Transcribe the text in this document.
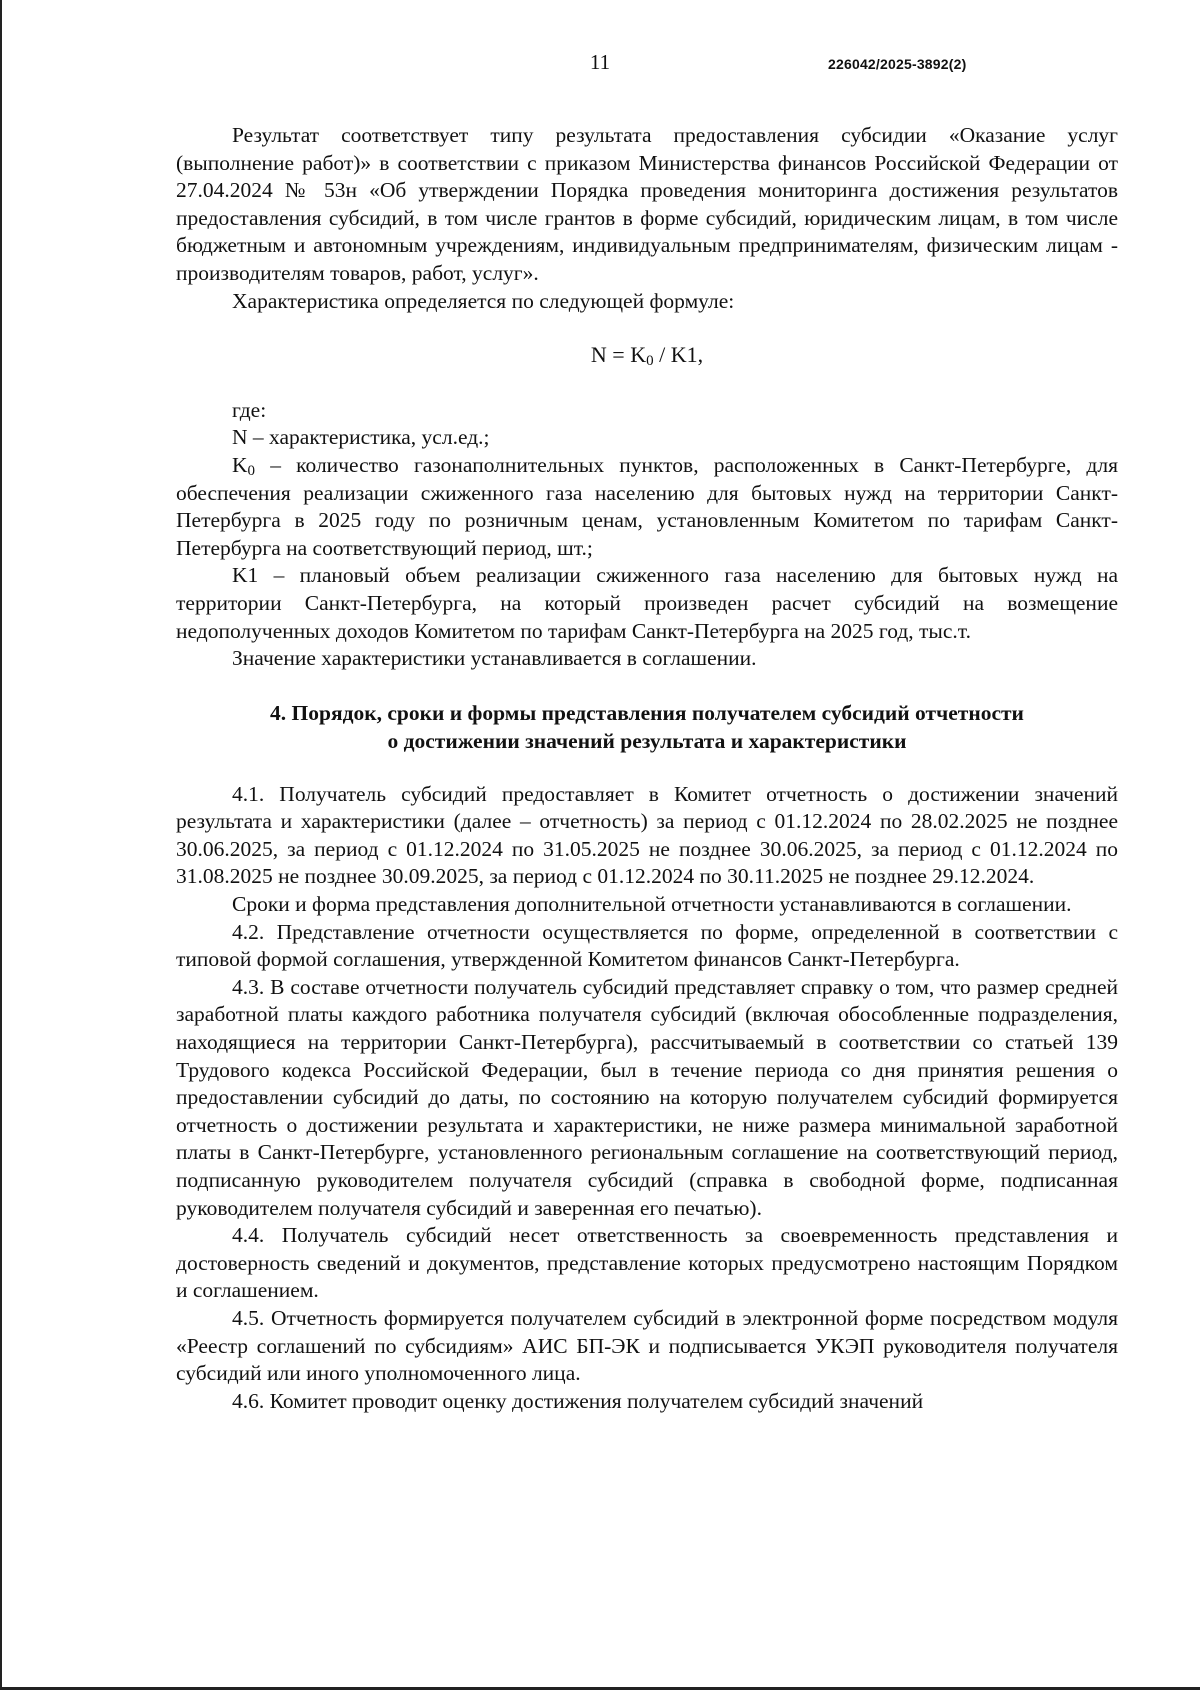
11	226042/2025-3892(2)

Результат соответствует типу результата предоставления субсидии «Оказание услуг (выполнение работ)» в соответствии с приказом Министерства финансов Российской Федерации от 27.04.2024 № 53н «Об утверждении Порядка проведения мониторинга достижения результатов предоставления субсидий, в том числе грантов в форме субсидий, юридическим лицам, в том числе бюджетным и автономным учреждениям, индивидуальным предпринимателям, физическим лицам - производителям товаров, работ, услуг».

Характеристика определяется по следующей формуле:

$N = K_0 / K1$,

где:

N – характеристика, усл.ед.;

$K_0$ – количество газонаполнительных пунктов, расположенных в Санкт-Петербурге, для обеспечения реализации сжиженного газа населению для бытовых нужд на территории Санкт-Петербурга в 2025 году по розничным ценам, установленным Комитетом по тарифам Санкт-Петербурга на соответствующий период, шт.;

K1 – плановый объем реализации сжиженного газа населению для бытовых нужд на территории Санкт-Петербурга, на который произведен расчет субсидий на возмещение недополученных доходов Комитетом по тарифам Санкт-Петербурга на 2025 год, тыс.т.

Значение характеристики устанавливается в соглашении.

4. Порядок, сроки и формы представления получателем субсидий отчетности
о достижении значений результата и характеристики

4.1. Получатель субсидий предоставляет в Комитет отчетность о достижении значений результата и характеристики (далее – отчетность) за период с 01.12.2024 по 28.02.2025 не позднее 30.06.2025, за период с 01.12.2024 по 31.05.2025 не позднее 30.06.2025, за период с 01.12.2024 по 31.08.2025 не позднее 30.09.2025, за период с 01.12.2024 по 30.11.2025 не позднее 29.12.2024.

Сроки и форма представления дополнительной отчетности устанавливаются в соглашении.

4.2. Представление отчетности осуществляется по форме, определенной в соответствии с типовой формой соглашения, утвержденной Комитетом финансов Санкт-Петербурга.

4.3. В составе отчетности получатель субсидий представляет справку о том, что размер средней заработной платы каждого работника получателя субсидий (включая обособленные подразделения, находящиеся на территории Санкт-Петербурга), рассчитываемый в соответствии со статьей 139 Трудового кодекса Российской Федерации, был в течение периода со дня принятия решения о предоставлении субсидий до даты, по состоянию на которую получателем субсидий формируется отчетность о достижении результата и характеристики, не ниже размера минимальной заработной платы в Санкт-Петербурге, установленного региональным соглашение на соответствующий период, подписанную руководителем получателя субсидий (справка в свободной форме, подписанная руководителем получателя субсидий и заверенная его печатью).

4.4. Получатель субсидий несет ответственность за своевременность представления и достоверность сведений и документов, представление которых предусмотрено настоящим Порядком и соглашением.

4.5. Отчетность формируется получателем субсидий в электронной форме посредством модуля «Реестр соглашений по субсидиям» АИС БП-ЭК и подписывается УКЭП руководителя получателя субсидий или иного уполномоченного лица.

4.6. Комитет проводит оценку достижения получателем субсидий значений
